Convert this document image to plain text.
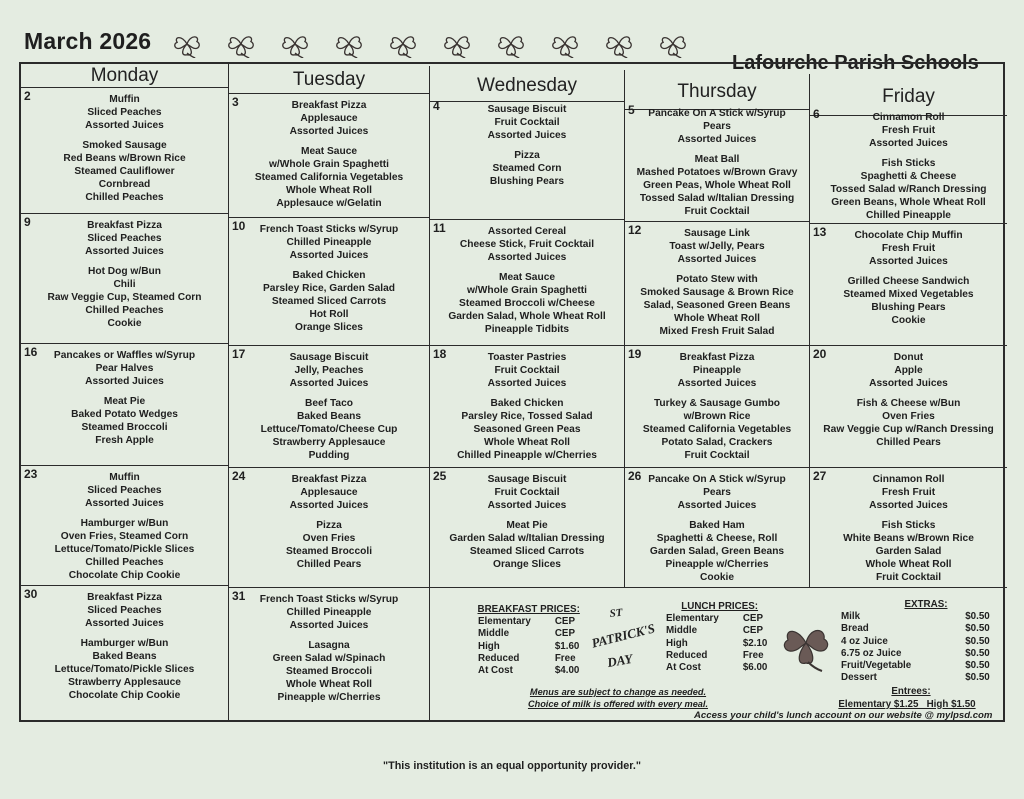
March 2026
Lafourche Parish Schools
Monday	Tuesday	Wednesday	Thursday	Friday
2	Muffin
Sliced Peaches
Assorted Juices
Smoked Sausage
Red Beans w/Brown Rice
Steamed Cauliflower
Cornbread
Chilled Peaches
3	Breakfast Pizza
Applesauce
Assorted Juices
Meat Sauce
w/Whole Grain Spaghetti
Steamed California Vegetables
Whole Wheat Roll
Applesauce w/Gelatin
4	Sausage Biscuit
Fruit Cocktail
Assorted Juices
Pizza
Steamed Corn
Blushing Pears
5	Pancake On A Stick w/Syrup
Pears
Assorted Juices
Meat Ball
Mashed Potatoes w/Brown Gravy
Green Peas, Whole Wheat Roll
Tossed Salad w/Italian Dressing
Fruit Cocktail
6	Cinnamon Roll
Fresh Fruit
Assorted Juices
Fish Sticks
Spaghetti & Cheese
Tossed Salad w/Ranch Dressing
Green Beans, Whole Wheat Roll
Chilled Pineapple
9	Breakfast Pizza
Sliced Peaches
Assorted Juices
Hot Dog w/Bun
Chili
Raw Veggie Cup, Steamed Corn
Chilled Peaches
Cookie
10	French Toast Sticks w/Syrup
Chilled Pineapple
Assorted Juices
Baked Chicken
Parsley Rice, Garden Salad
Steamed Sliced Carrots
Hot Roll
Orange Slices
11	Assorted Cereal
Cheese Stick, Fruit Cocktail
Assorted Juices
Meat Sauce
w/Whole Grain Spaghetti
Steamed Broccoli w/Cheese
Garden Salad, Whole Wheat Roll
Pineapple Tidbits
12	Sausage Link
Toast w/Jelly, Pears
Assorted Juices
Potato Stew with
Smoked Sausage & Brown Rice
Salad, Seasoned Green Beans
Whole Wheat Roll
Mixed Fresh Fruit Salad
13	Chocolate Chip Muffin
Fresh Fruit
Assorted Juices
Grilled Cheese Sandwich
Steamed Mixed Vegetables
Blushing Pears
Cookie
16	Pancakes or Waffles w/Syrup
Pear Halves
Assorted Juices
Meat Pie
Baked Potato Wedges
Steamed Broccoli
Fresh Apple
17	Sausage Biscuit
Jelly, Peaches
Assorted Juices
Beef Taco
Baked Beans
Lettuce/Tomato/Cheese Cup
Strawberry Applesauce
Pudding
18	Toaster Pastries
Fruit Cocktail
Assorted Juices
Baked Chicken
Parsley Rice, Tossed Salad
Seasoned Green Peas
Whole Wheat Roll
Chilled Pineapple w/Cherries
19	Breakfast Pizza
Pineapple
Assorted Juices
Turkey & Sausage Gumbo
w/Brown Rice
Steamed California Vegetables
Potato Salad, Crackers
Fruit Cocktail
20	Donut
Apple
Assorted Juices
Fish & Cheese w/Bun
Oven Fries
Raw Veggie Cup w/Ranch Dressing
Chilled Pears
23	Muffin
Sliced Peaches
Assorted Juices
Hamburger w/Bun
Oven Fries, Steamed Corn
Lettuce/Tomato/Pickle Slices
Chilled Peaches
Chocolate Chip Cookie
24	Breakfast Pizza
Applesauce
Assorted Juices
Pizza
Oven Fries
Steamed Broccoli
Chilled Pears
25	Sausage Biscuit
Fruit Cocktail
Assorted Juices
Meat Pie
Garden Salad w/Italian Dressing
Steamed Sliced Carrots
Orange Slices
26 Pancake On A Stick w/Syrup
Pears
Assorted Juices
Baked Ham
Spaghetti & Cheese, Roll
Garden Salad, Green Beans
Pineapple w/Cherries
Cookie
27	Cinnamon Roll
Fresh Fruit
Assorted Juices
Fish Sticks
White Beans w/Brown Rice
Garden Salad
Whole Wheat Roll
Fruit Cocktail
30	Breakfast Pizza
Sliced Peaches
Assorted Juices
Hamburger w/Bun
Baked Beans
Lettuce/Tomato/Pickle Slices
Strawberry Applesauce
Chocolate Chip Cookie
31	French Toast Sticks w/Syrup
Chilled Pineapple
Assorted Juices
Lasagna
Green Salad w/Spinach
Steamed Broccoli
Whole Wheat Roll
Pineapple w/Cherries
BREAKFAST PRICES:
Elementary	CEP
Middle	CEP
High	$1.60
Reduced	Free
At Cost	$4.00
LUNCH PRICES:
Elementary	CEP
Middle	CEP
High	$2.10
Reduced	Free
At Cost	$6.00
EXTRAS:
Milk	$0.50
Bread	$0.50
4 oz Juice	$0.50
6.75 oz Juice	$0.50
Fruit/Vegetable	$0.50
Dessert	$0.50
Entrees:
Elementary $1.25   High $1.50
ST
PATRICK'S
DAY
Menus are subject to change as needed.
Choice of milk is offered with every meal.
Access your child's lunch account on our website @ mylpsd.com
"This institution is an equal opportunity provider."
